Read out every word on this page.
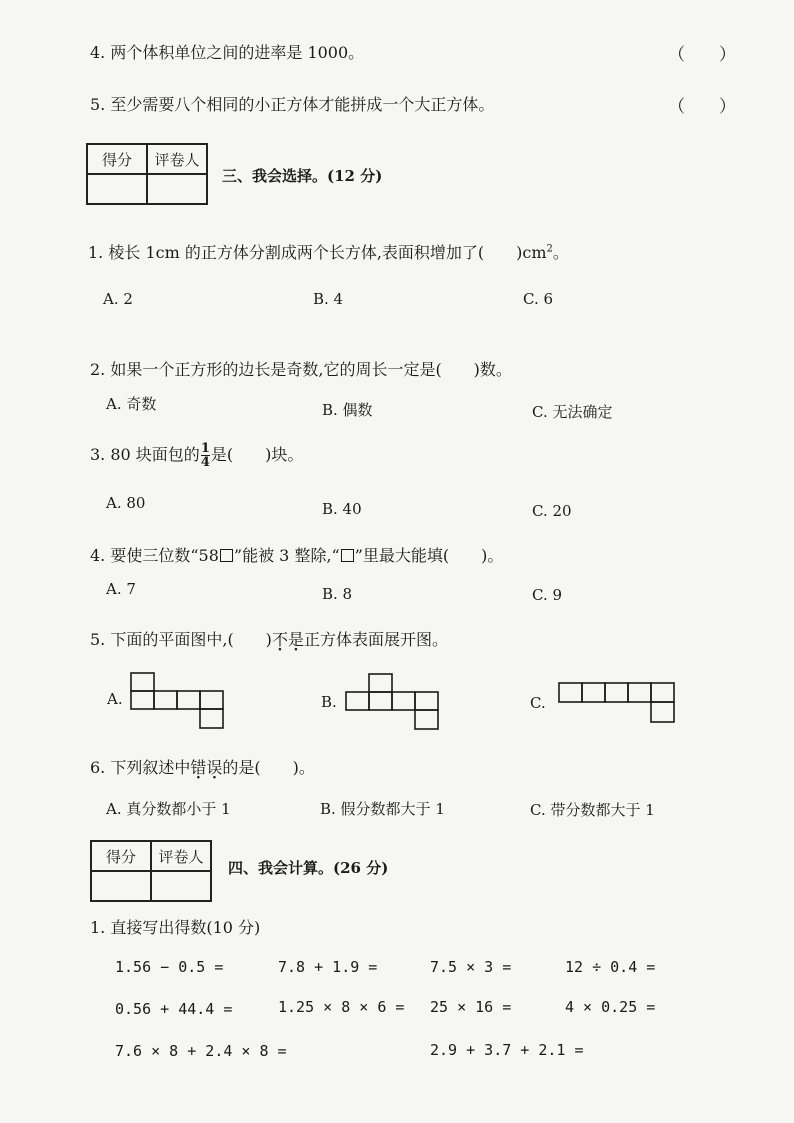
4. 两个体积单位之间的进率是 1000。	（　　）
5. 至少需要八个相同的小正方体才能拼成一个大正方体。	（　　）
得分	评卷人

三、我会选择。(12 分)
1. 棱长 1cm 的正方体分割成两个长方体,表面积增加了(　　)$cm^2$。
A. 2	B. 4	C. 6
2. 如果一个正方形的边长是奇数,它的周长一定是(　　)数。
A. 奇数	B. 偶数	C. 无法确定
3. 80 块面包的 $\frac{1}{4}$ 是(　　)块。
A. 80	B. 40	C. 20
4. 要使三位数“58 ”能被 3 整除,“ ”里最大能填(　　)。
A. 7	B. 8	C. 9
5. 下面的平面图中,(　　)不是正方体表面展开图。
A.	B.	C.
6. 下列叙述中错误的是(　　)。
A. 真分数都小于 1	B. 假分数都大于 1	C. 带分数都大于 1
得分	评卷人

四、我会计算。(26 分)
1. 直接写出得数(10 分)
1.56 − 0.5 =	7.8 + 1.9 =	7.5 × 3 =	12 ÷ 0.4 =
0.56 + 44.4 =	1.25 × 8 × 6 = 25 × 16 =	4 × 0.25 =
7.6 × 8 + 2.4 × 8 =	2.9 + 3.7 + 2.1 =
